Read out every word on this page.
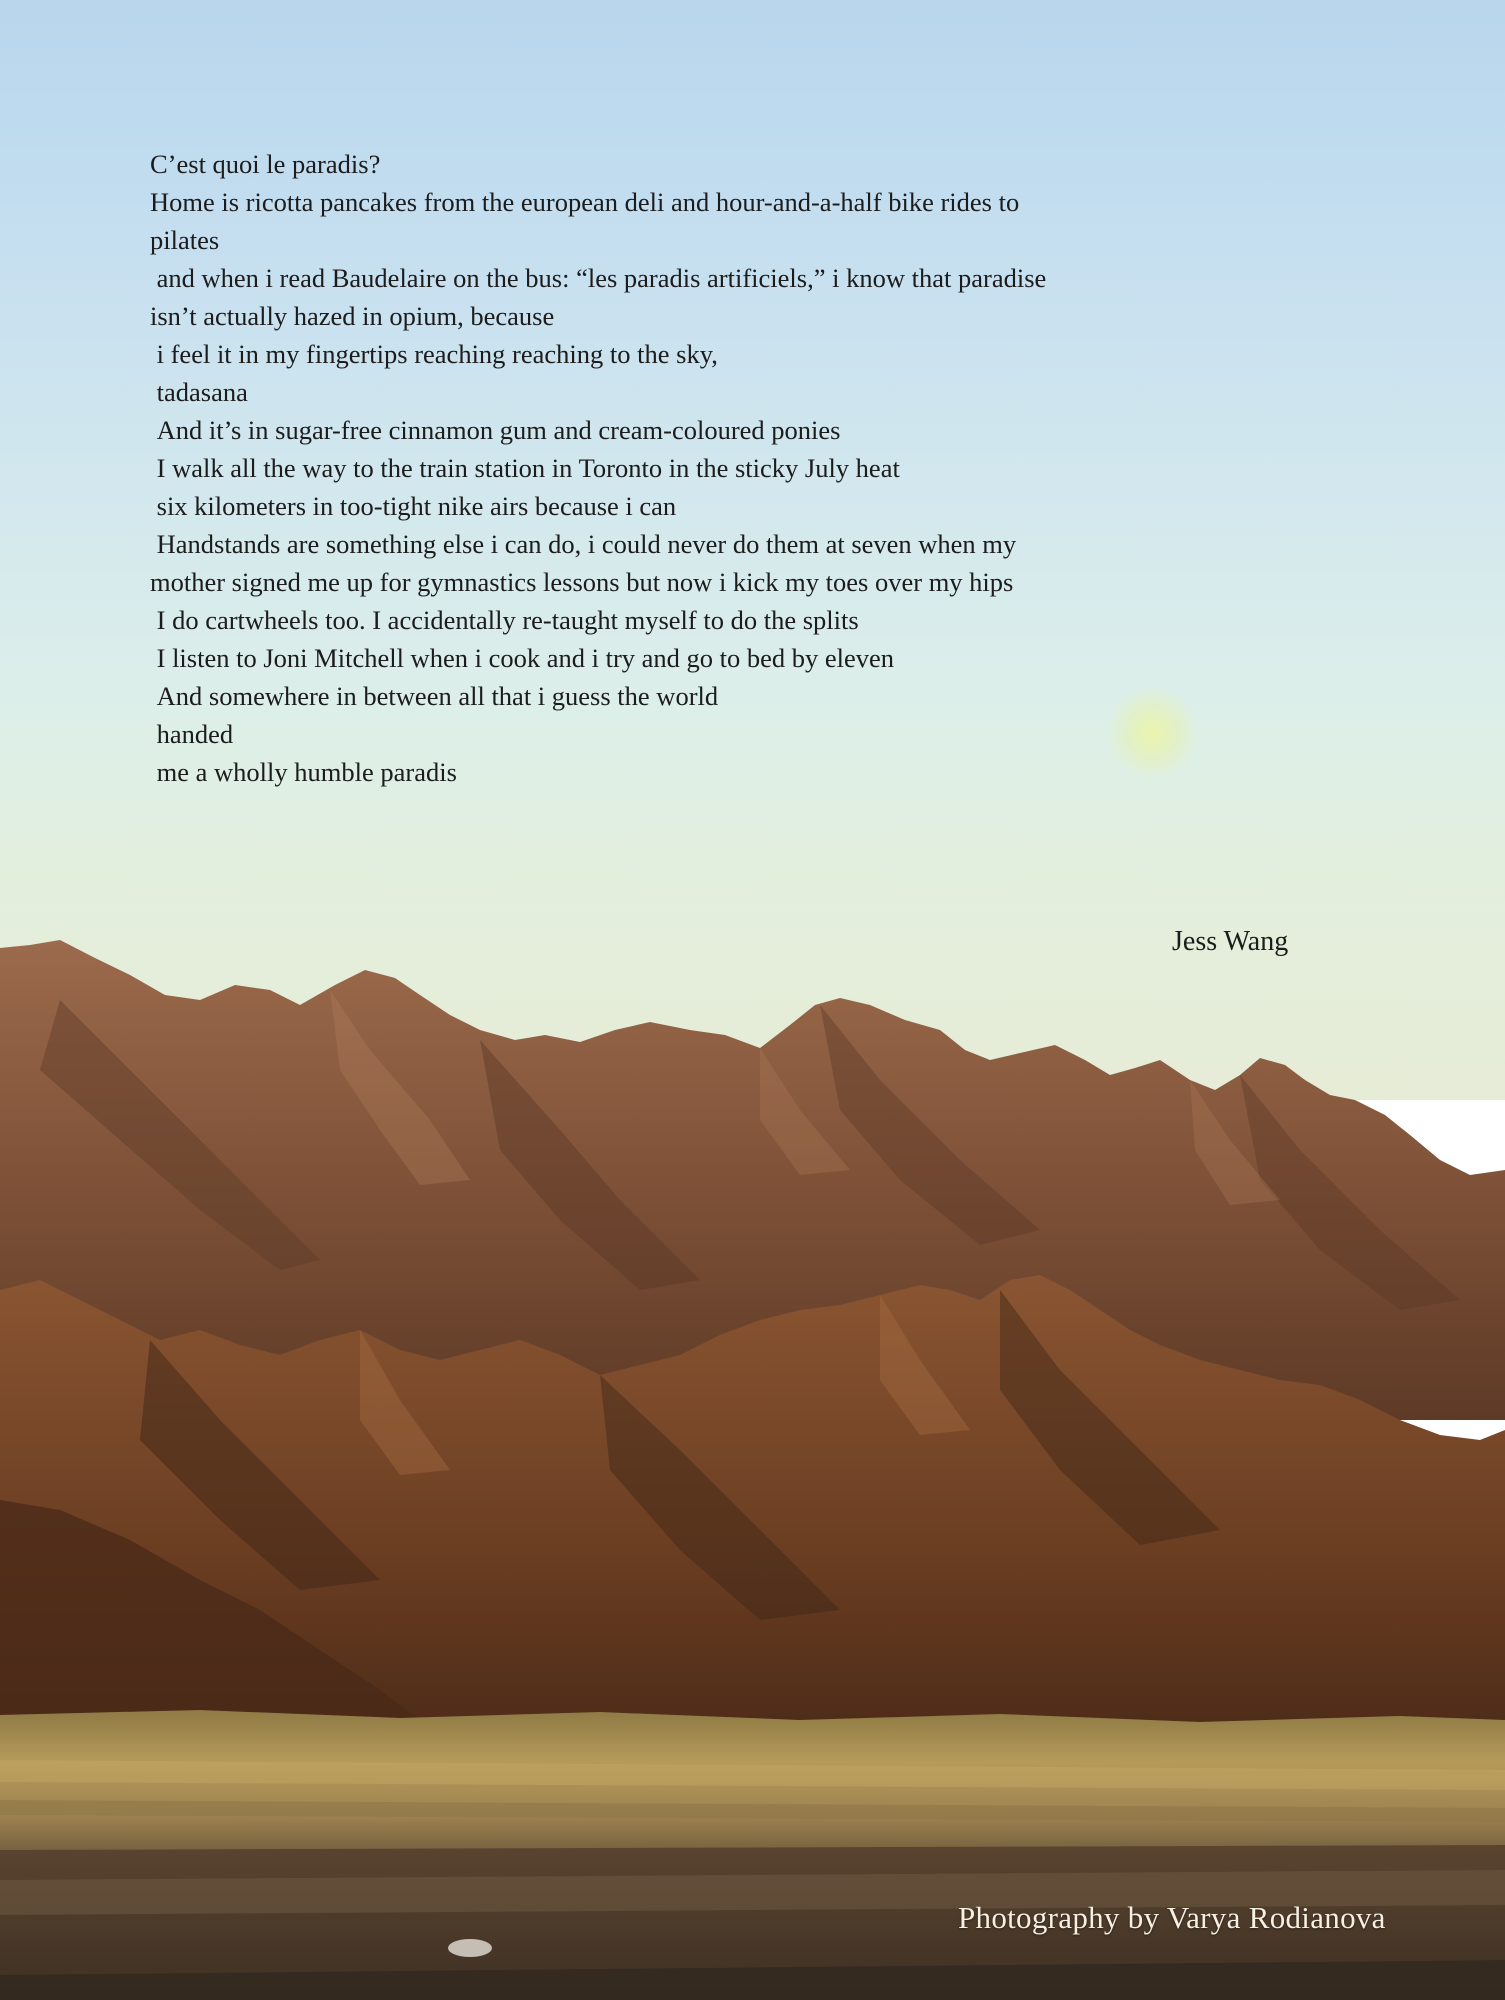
C’est quoi le paradis?
Home is ricotta pancakes from the european deli and hour-and-a-half bike rides to
pilates
and when i read Baudelaire on the bus: “les paradis artificiels,” i know that paradise
isn’t actually hazed in opium, because
i feel it in my fingertips reaching reaching to the sky,
tadasana
And it’s in sugar-free cinnamon gum and cream-coloured ponies
I walk all the way to the train station in Toronto in the sticky July heat
six kilometers in too-tight nike airs because i can
Handstands are something else i can do, i could never do them at seven when my
mother signed me up for gymnastics lessons but now i kick my toes over my hips
I do cartwheels too. I accidentally re-taught myself to do the splits
I listen to Joni Mitchell when i cook and i try and go to bed by eleven
And somewhere in between all that i guess the world
handed
me a wholly humble paradis
Jess Wang
Photography by Varya Rodianova
